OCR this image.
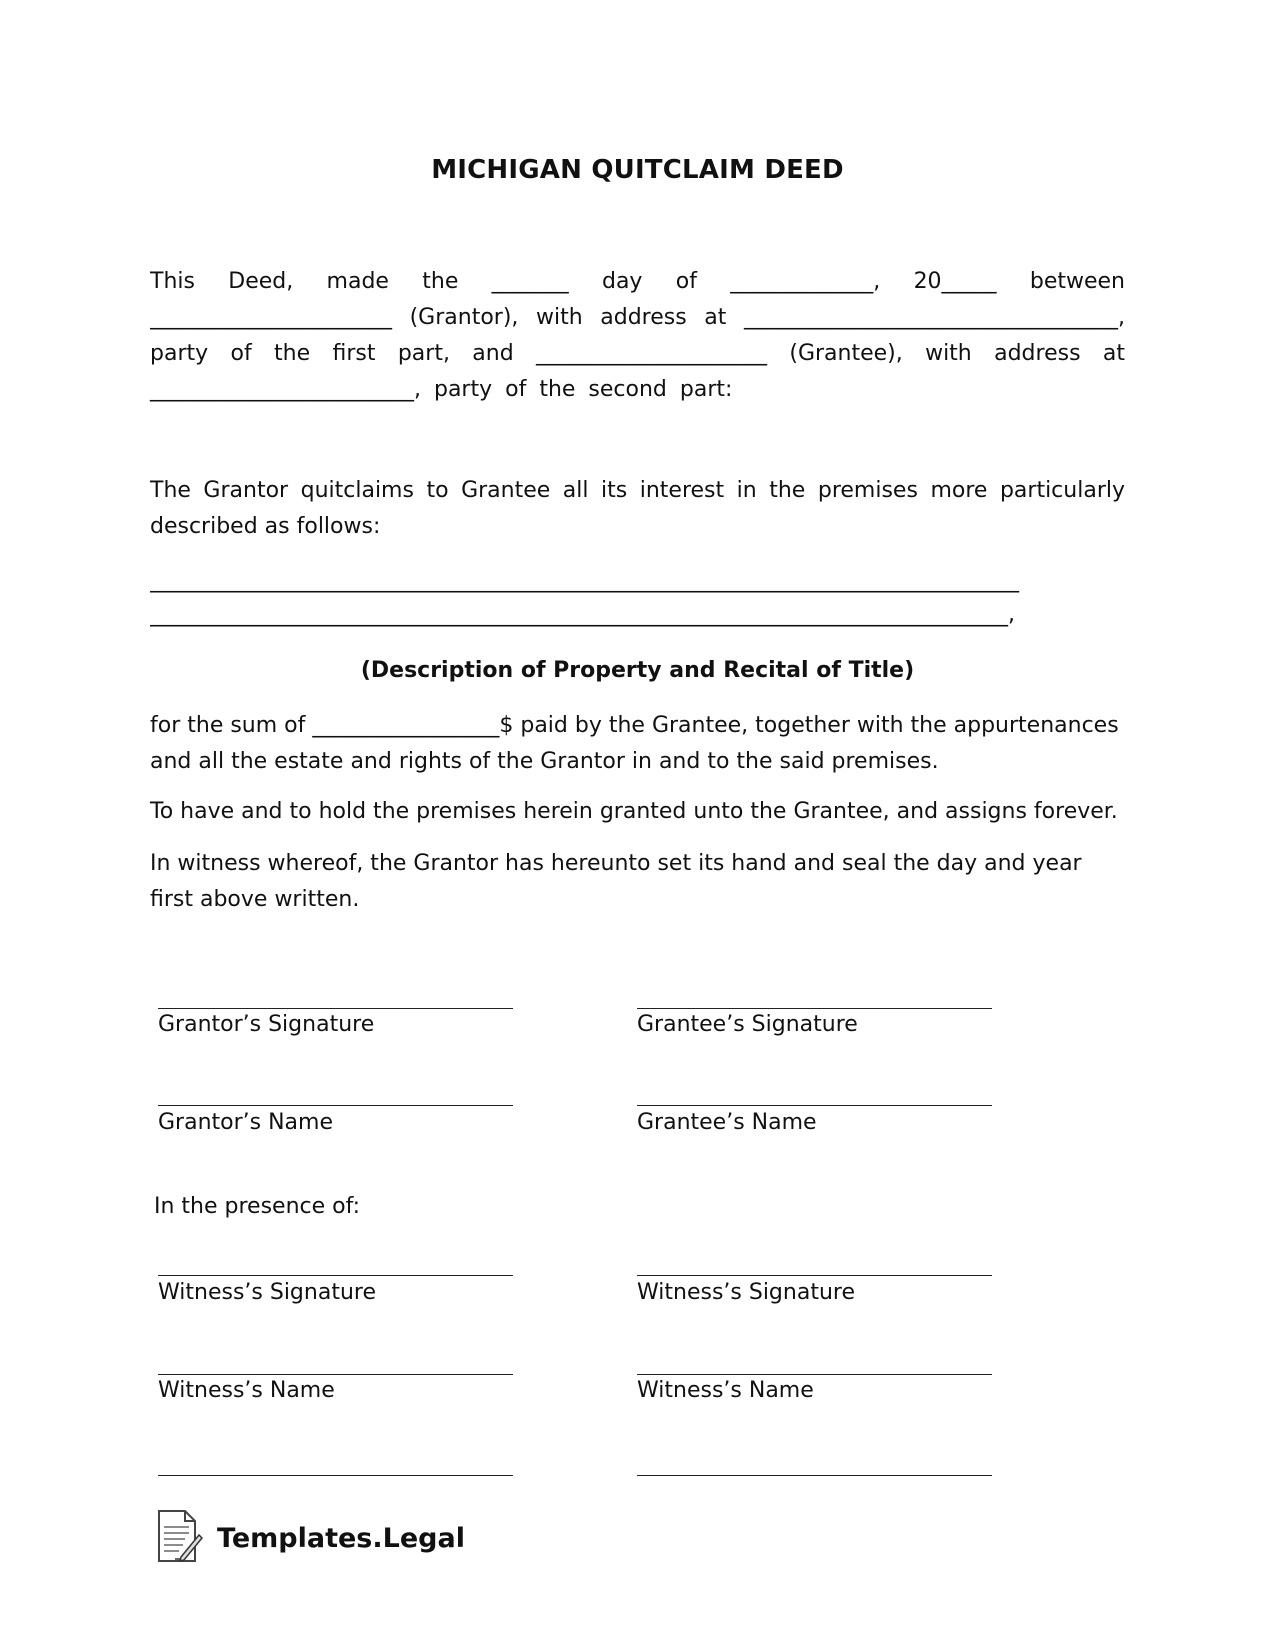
MICHIGAN QUITCLAIM DEED
This Deed, made the _______ day of _____________, 20_____ between
______________________ (Grantor), with address at __________________________________,
party of the first part, and _____________________ (Grantee), with address at
________________________, party of the second part:
The Grantor quitclaims to Grantee all its interest in the premises more particularly described as follows:
_______________________________________________________________________________
______________________________________________________________________________,
(Description of Property and Recital of Title)
for the sum of _________________$ paid by the Grantee, together with the appurtenances and all the estate and rights of the Grantor in and to the said premises.
To have and to hold the premises herein granted unto the Grantee, and assigns forever.
In witness whereof, the Grantor has hereunto set its hand and seal the day and year first above written.
Grantor’s Signature	Grantee’s Signature
Grantor’s Name	Grantee’s Name
In the presence of:
Witness’s Signature	Witness’s Signature
Witness’s Name	Witness’s Name
Templates.Legal
